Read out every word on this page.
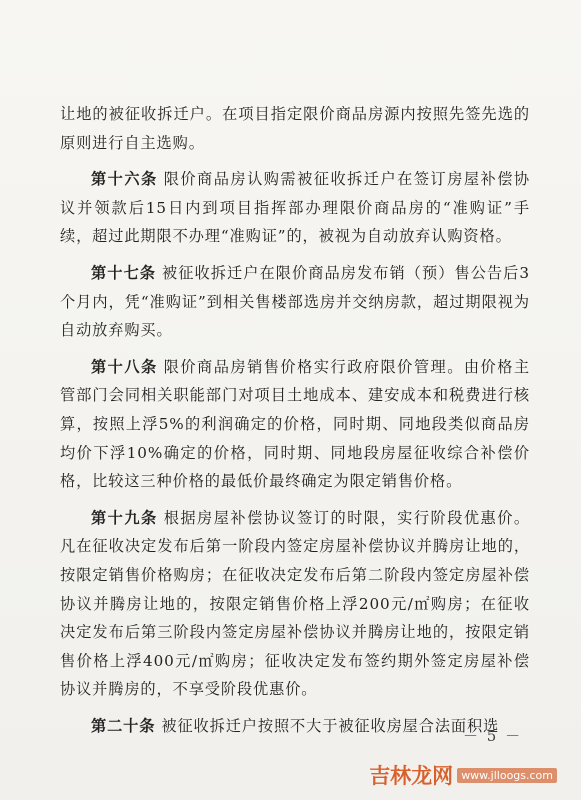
让地的被征收拆迁户。在项目指定限价商品房源内按照先签先选的原则进行自主选购。

第十六条 限价商品房认购需被征收拆迁户在签订房屋补偿协议并领款后15日内到项目指挥部办理限价商品房的“准购证”手续，超过此期限不办理“准购证”的，被视为自动放弃认购资格。

第十七条 被征收拆迁户在限价商品房发布销（预）售公告后3个月内，凭“准购证”到相关售楼部选房并交纳房款，超过期限视为自动放弃购买。

第十八条 限价商品房销售价格实行政府限价管理。由价格主管部门会同相关职能部门对项目土地成本、建安成本和税费进行核算，按照上浮5%的利润确定的价格，同时期、同地段类似商品房均价下浮10%确定的价格，同时期、同地段房屋征收综合补偿价格，比较这三种价格的最低价最终确定为限定销售价格。

第十九条 根据房屋补偿协议签订的时限，实行阶段优惠价。凡在征收决定发布后第一阶段内签定房屋补偿协议并腾房让地的，按限定销售价格购房；在征收决定发布后第二阶段内签定房屋补偿协议并腾房让地的，按限定销售价格上浮200元/㎡购房；在征收决定发布后第三阶段内签定房屋补偿协议并腾房让地的，按限定销售价格上浮400元/㎡购房；征收决定发布签约期外签定房屋补偿协议并腾房的，不享受阶段优惠价。

第二十条 被征收拆迁户按照不大于被征收房屋合法面积选

－ 5 －
吉林龙网 www.jlloogs.com
